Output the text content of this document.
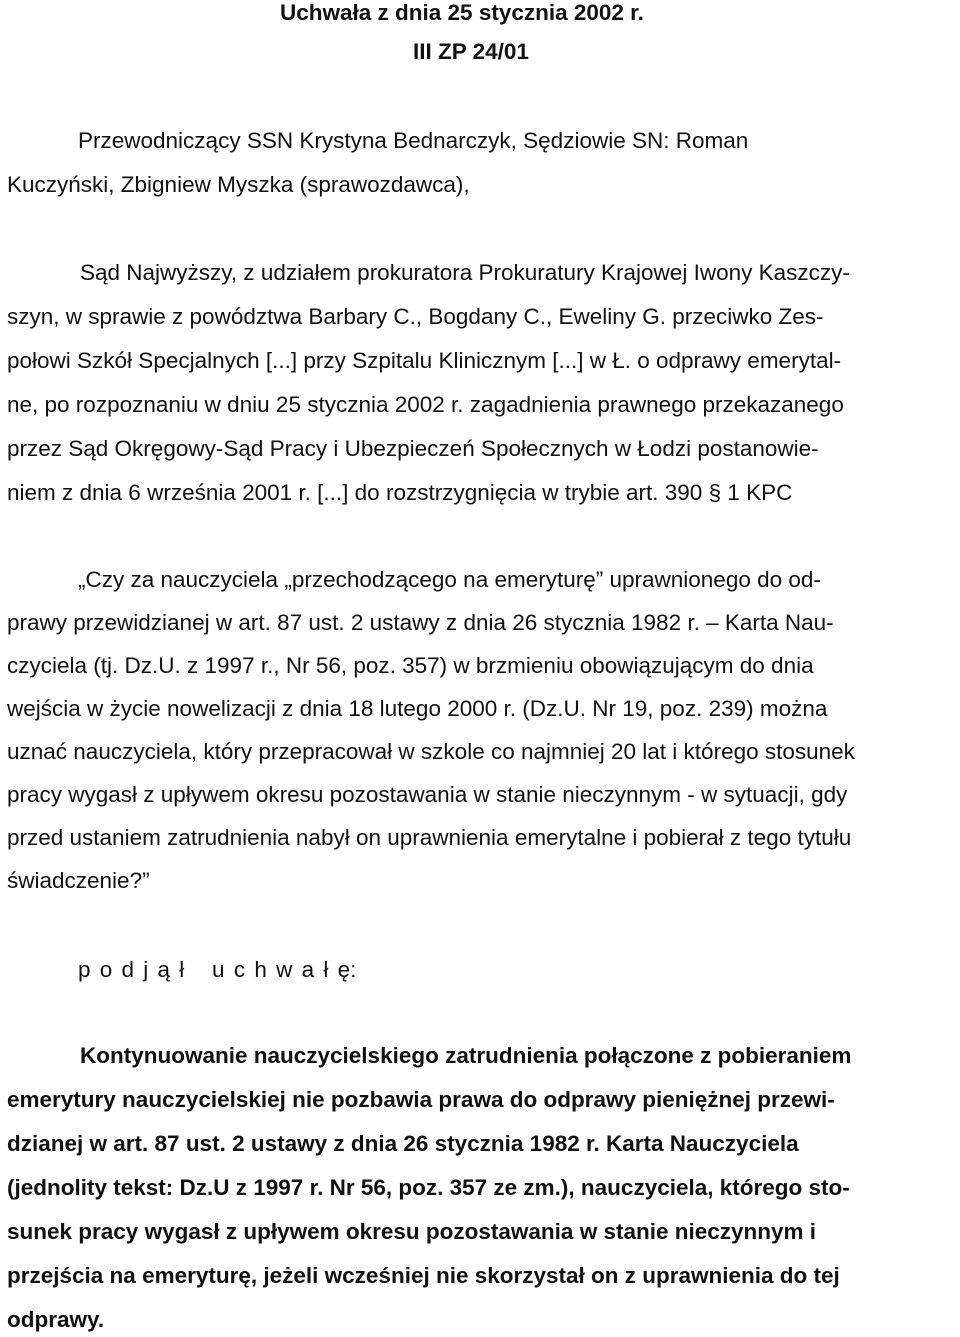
Uchwała z dnia 25 stycznia 2002 r.
III ZP 24/01
Przewodniczący SSN Krystyna Bednarczyk, Sędziowie SN: Roman
Kuczyński, Zbigniew Myszka (sprawozdawca),
Sąd Najwyższy, z udziałem prokuratora Prokuratury Krajowej Iwony Kaszczy-
szyn, w sprawie z powództwa Barbary C., Bogdany C., Eweliny G. przeciwko Zes-
połowi Szkół Specjalnych [...] przy Szpitalu Klinicznym [...] w Ł. o odprawy emerytal-
ne, po rozpoznaniu w dniu 25 stycznia 2002 r. zagadnienia prawnego przekazanego
przez Sąd Okręgowy-Sąd Pracy i Ubezpieczeń Społecznych w Łodzi postanowie-
niem z dnia 6 września 2001 r. [...] do rozstrzygnięcia w trybie art. 390 § 1 KPC
„Czy za nauczyciela „przechodzącego na emeryturę” uprawnionego do od-
prawy przewidzianej w art. 87 ust. 2 ustawy z dnia 26 stycznia 1982 r. – Karta Nau-
czyciela (tj. Dz.U. z 1997 r., Nr 56, poz. 357) w brzmieniu obowiązującym do dnia
wejścia w życie nowelizacji z dnia 18 lutego 2000 r. (Dz.U. Nr 19, poz. 239) można
uznać nauczyciela, który przepracował w szkole co najmniej 20 lat i którego stosunek
pracy wygasł z upływem okresu pozostawania w stanie nieczynnym - w sytuacji, gdy
przed ustaniem zatrudnienia nabył on uprawnienia emerytalne i pobierał z tego tytułu
świadczenie?”
p o d j ą ł   u c h w a ł ę:
Kontynuowanie nauczycielskiego zatrudnienia połączone z pobieraniem
emerytury nauczycielskiej nie pozbawia prawa do odprawy pieniężnej przewi-
dzianej w art. 87 ust. 2 ustawy z dnia 26 stycznia 1982 r. Karta Nauczyciela
(jednolity tekst: Dz.U z 1997 r. Nr 56, poz. 357 ze zm.), nauczyciela, którego sto-
sunek pracy wygasł z upływem okresu pozostawania w stanie nieczynnym i
przejścia na emeryturę, jeżeli wcześniej nie skorzystał on z uprawnienia do tej
odprawy.
